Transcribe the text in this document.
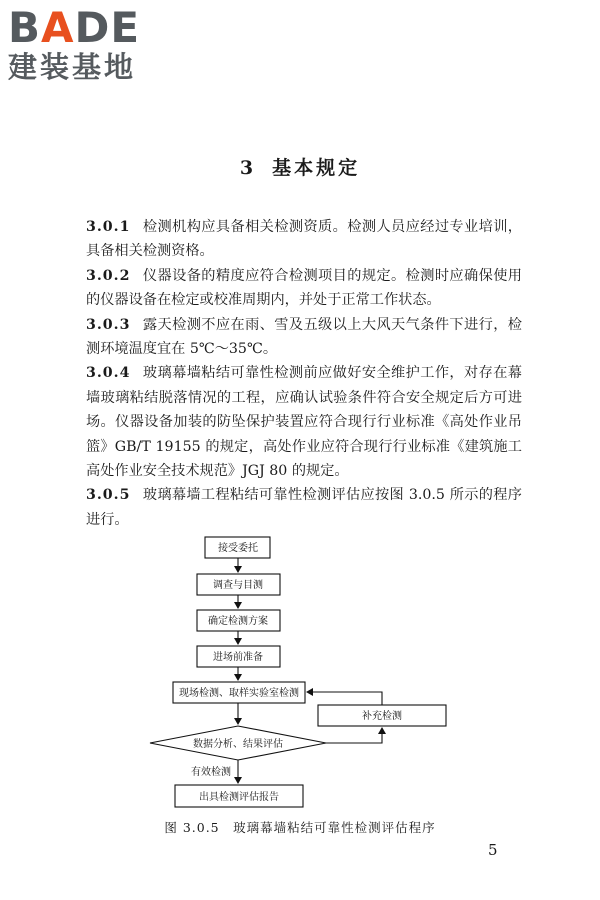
BADE
建装基地
3 基本规定

3.0.1 检测机构应具备相关检测资质。检测人员应经过专业培训，具备相关检测资格。

3.0.2 仪器设备的精度应符合检测项目的规定。检测时应确保使用的仪器设备在检定或校准周期内，并处于正常工作状态。

3.0.3 露天检测不应在雨、雪及五级以上大风天气条件下进行，检测环境温度宜在 5℃～35℃。

3.0.4 玻璃幕墙粘结可靠性检测前应做好安全维护工作，对存在幕墙玻璃粘结脱落情况的工程，应确认试验条件符合安全规定后方可进场。仪器设备加装的防坠保护装置应符合现行行业标准《高处作业吊篮》GB/T 19155 的规定，高处作业应符合现行行业标准《建筑施工高处作业安全技术规范》JGJ 80 的规定。

3.0.5 玻璃幕墙工程粘结可靠性检测评估应按图 3.0.5 所示的程序进行。

接受委托
调查与目测
确定检测方案
进场前准备
现场检测、取样实验室检测
补充检测
数据分析、结果评估
有效检测
出具检测评估报告
图 3.0.5　玻璃幕墙粘结可靠性检测评估程序
5
